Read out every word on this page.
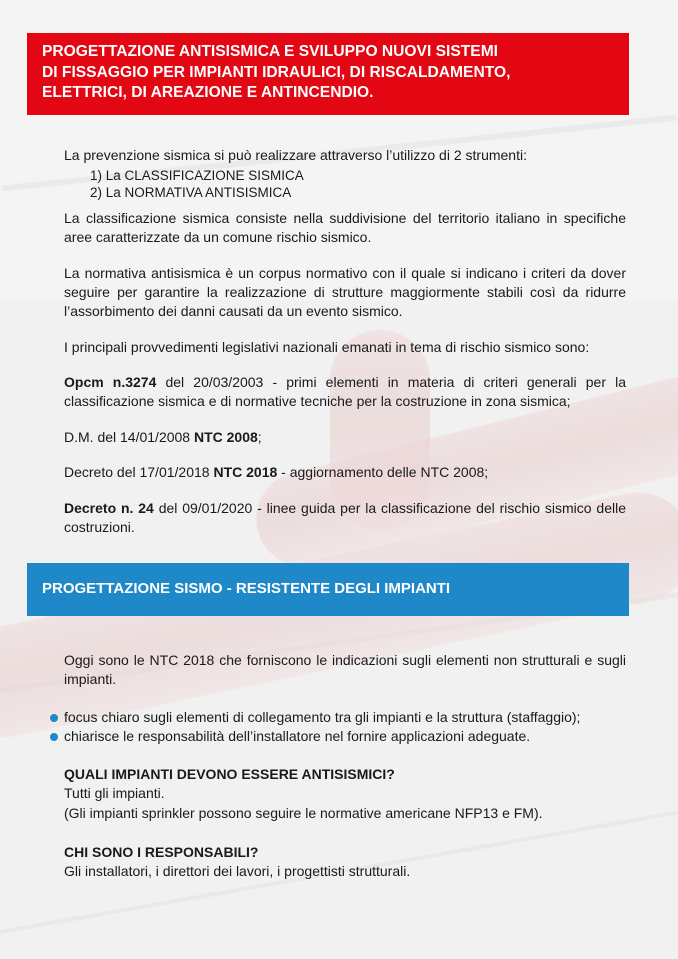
PROGETTAZIONE ANTISISMICA E SVILUPPO NUOVI SISTEMI
DI FISSAGGIO PER IMPIANTI IDRAULICI, DI RISCALDAMENTO,
ELETTRICI, DI AREAZIONE E ANTINCENDIO.
La prevenzione sismica si può realizzare attraverso l’utilizzo di 2 strumenti:
1) La CLASSIFICAZIONE SISMICA
2) La NORMATIVA ANTISISMICA
La classificazione sismica consiste nella suddivisione del territorio italiano in specifiche aree caratterizzate da un comune rischio sismico.
La normativa antisismica è un corpus normativo con il quale si indicano i criteri da dover seguire per garantire la realizzazione di strutture maggiormente stabili così da ridurre l’assorbimento dei danni causati da un evento sismico.
I principali provvedimenti legislativi nazionali emanati in tema di rischio sismico sono:
Opcm n.3274 del 20/03/2003 - primi elementi in materia di criteri generali per la classificazione sismica e di normative tecniche per la costruzione in zona sismica;
D.M. del 14/01/2008 NTC 2008;
Decreto del 17/01/2018 NTC 2018 - aggiornamento delle NTC 2008;
Decreto n. 24 del 09/01/2020 - linee guida per la classificazione del rischio sismico delle costruzioni.
PROGETTAZIONE SISMO - RESISTENTE DEGLI IMPIANTI
Oggi sono le NTC 2018 che forniscono le indicazioni sugli elementi non strutturali e sugli impianti.
focus chiaro sugli elementi di collegamento tra gli impianti e la struttura (staffaggio);
chiarisce le responsabilità dell’installatore nel fornire applicazioni adeguate.
QUALI IMPIANTI DEVONO ESSERE ANTISISMICI?
Tutti gli impianti.
(Gli impianti sprinkler possono seguire le normative americane NFP13 e FM).
CHI SONO I RESPONSABILI?
Gli installatori, i direttori dei lavori, i progettisti strutturali.
